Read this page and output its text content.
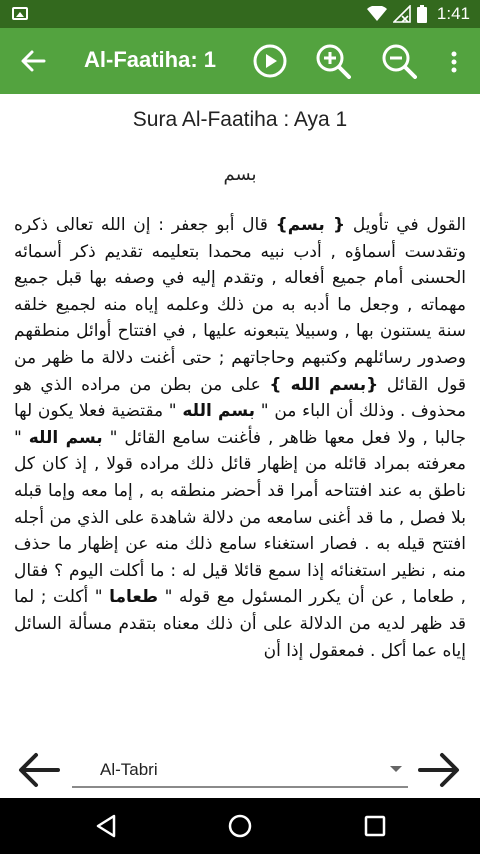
1:41
Al-Faatiha: 1
Sura Al-Faatiha : Aya 1
بسم
القول في تأويل { بسم} قال أبو جعفر : إن الله تعالى ذكره وتقدست أسماؤه , أدب نبيه محمدا بتعليمه تقديم ذكر أسمائه الحسنى أمام جميع أفعاله , وتقدم إليه في وصفه بها قبل جميع مهماته , وجعل ما أدبه به من ذلك وعلمه إياه منه لجميع خلقه سنة يستنون بها , وسبيلا يتبعونه عليها , في افتتاح أوائل منطقهم وصدور رسائلهم وكتبهم وحاجاتهم ; حتى أغنت دلالة ما ظهر من قول القائل {بسم الله } على من بطن من مراده الذي هو محذوف . وذلك أن الباء من " بسم الله " مقتضية فعلا يكون لها جالبا , ولا فعل معها ظاهر , فأغنت سامع القائل " بسم الله " معرفته بمراد قائله من إظهار قائل ذلك مراده قولا , إذ كان كل ناطق به عند افتتاحه أمرا قد أحضر منطقه به , إما معه وإما قبله بلا فصل , ما قد أغنى سامعه من دلالة شاهدة على الذي من أجله افتتح قيله به . فصار استغناء سامع ذلك منه عن إظهار ما حذف منه , نظير استغنائه إذا سمع قائلا قيل له : ما أكلت اليوم ؟ فقال , طعاما , عن أن يكرر المسئول مع قوله " طعاما " أكلت ; لما قد ظهر لديه من الدلالة على أن ذلك معناه بتقدم مسألة السائل إياه عما أكل . فمعقول إذا أن
Al-Tabri
